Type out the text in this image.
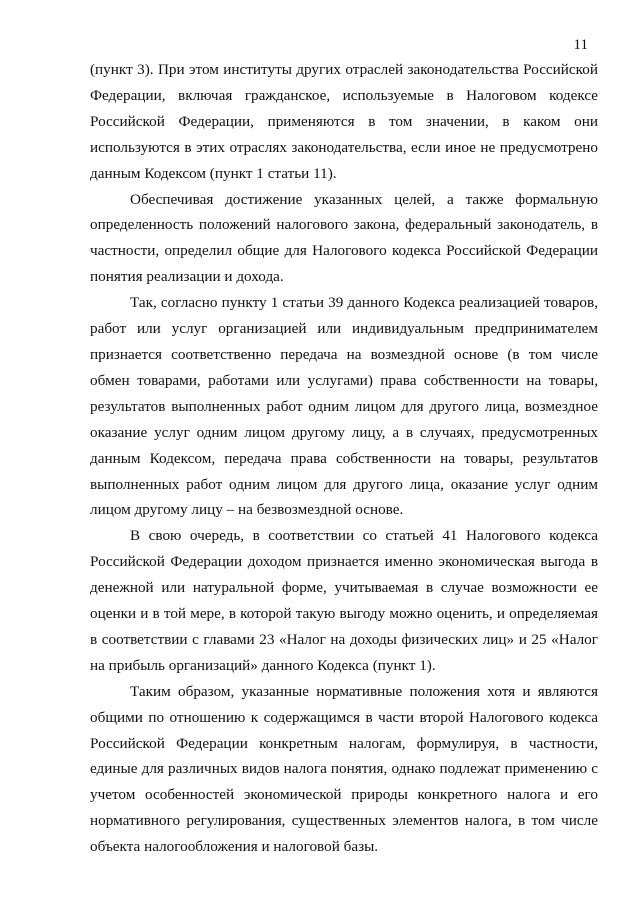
11

(пункт 3). При этом институты других отраслей законодательства Российской Федерации, включая гражданское, используемые в Налоговом кодексе Российской Федерации, применяются в том значении, в каком они используются в этих отраслях законодательства, если иное не предусмотрено данным Кодексом (пункт 1 статьи 11).

Обеспечивая достижение указанных целей, а также формальную определенность положений налогового закона, федеральный законодатель, в частности, определил общие для Налогового кодекса Российской Федерации понятия реализации и дохода.

Так, согласно пункту 1 статьи 39 данного Кодекса реализацией товаров, работ или услуг организацией или индивидуальным предпринимателем признается соответственно передача на возмездной основе (в том числе обмен товарами, работами или услугами) права собственности на товары, результатов выполненных работ одним лицом для другого лица, возмездное оказание услуг одним лицом другому лицу, а в случаях, предусмотренных данным Кодексом, передача права собственности на товары, результатов выполненных работ одним лицом для другого лица, оказание услуг одним лицом другому лицу – на безвозмездной основе.

В свою очередь, в соответствии со статьей 41 Налогового кодекса Российской Федерации доходом признается именно экономическая выгода в денежной или натуральной форме, учитываемая в случае возможности ее оценки и в той мере, в которой такую выгоду можно оценить, и определяемая в соответствии с главами 23 «Налог на доходы физических лиц» и 25 «Налог на прибыль организаций» данного Кодекса (пункт 1).

Таким образом, указанные нормативные положения хотя и являются общими по отношению к содержащимся в части второй Налогового кодекса Российской Федерации конкретным налогам, формулируя, в частности, единые для различных видов налога понятия, однако подлежат применению с учетом особенностей экономической природы конкретного налога и его нормативного регулирования, существенных элементов налога, в том числе объекта налогообложения и налоговой базы.
